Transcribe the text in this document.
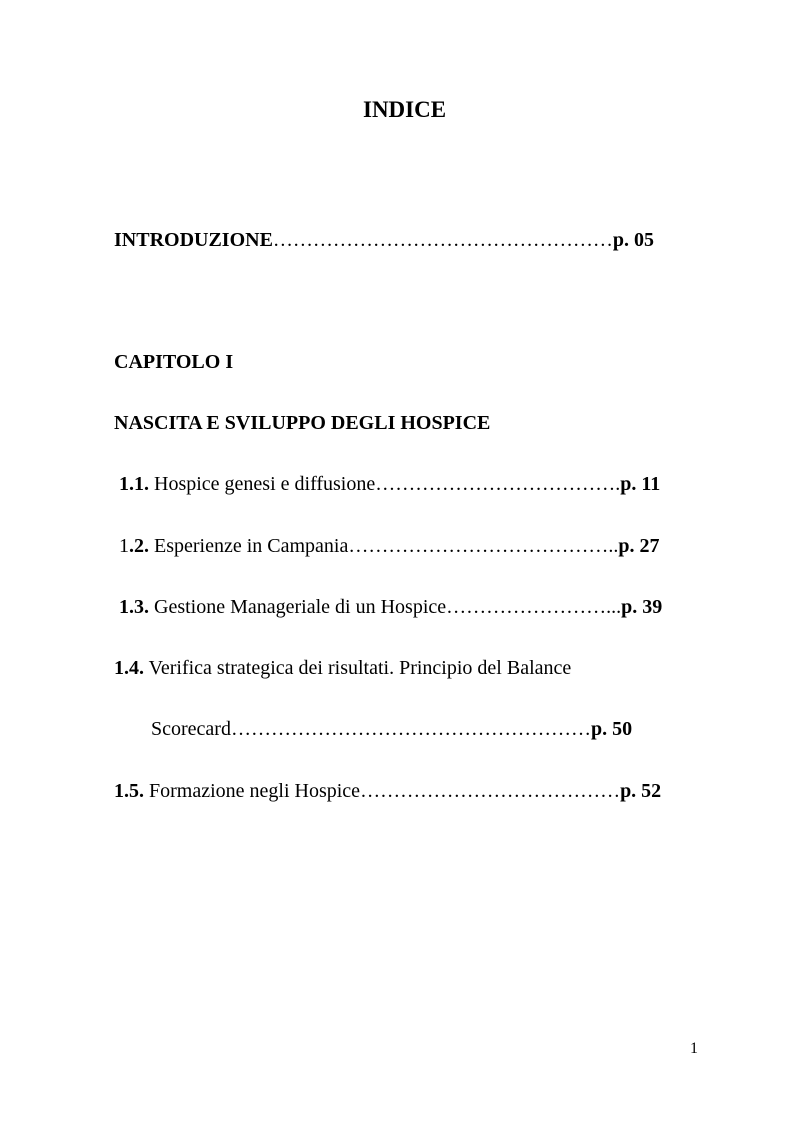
INDICE
INTRODUZIONE……………………………………………p. 05
CAPITOLO I
NASCITA E SVILUPPO DEGLI HOSPICE
1.1. Hospice genesi e diffusione……………………………….p. 11
1.2. Esperienze in Campania…………………………………..p. 27
1.3. Gestione Manageriale di un Hospice……………………...p. 39
1.4. Verifica strategica dei risultati. Principio del Balance
Scorecard………………………………………………p. 50
1.5. Formazione negli Hospice…………………………………p. 52
1
